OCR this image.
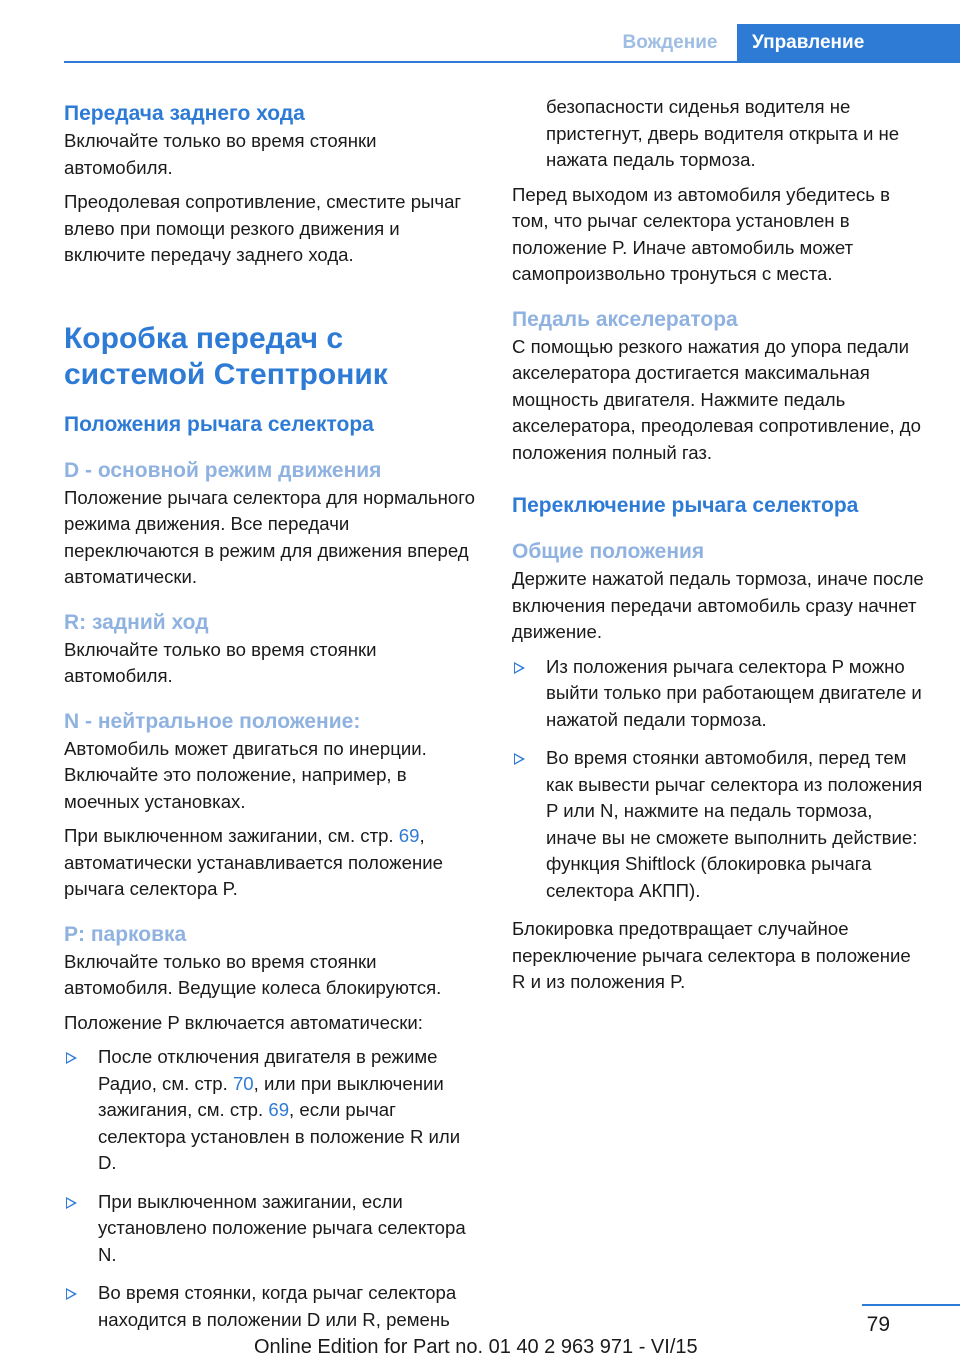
Вождение	Управление
Передача заднего хода

Включайте только во время стоянки автомобиля.

Преодолевая сопротивление, сместите рычаг влево при помощи резкого движения и включите передачу заднего хода.

Коробка передач с системой Стептроник
Положения рычага селектора
D - основной режим движения

Положение рычага селектора для нормального режима движения. Все передачи переключаются в режим для движения вперед автоматически.

R: задний ход

Включайте только во время стоянки автомобиля.

N - нейтральное положение:

Автомобиль может двигаться по инерции. Включайте это положение, например, в моечных установках.

При выключенном зажигании, см. стр. 69, автоматически устанавливается положение рычага селектора P.

P: парковка

Включайте только во время стоянки автомобиля. Ведущие колеса блокируются.

Положение P включается автоматически:

После отключения двигателя в режиме Радио, см. стр. 70, или при выключении зажигания, см. стр. 69, если рычаг селектора установлен в положение R или D.
При выключенном зажигании, если установлено положение рычага селектора N.
Во время стоянки, когда рычаг селектора находится в положении D или R, ремень

безопасности сиденья водителя не пристегнут, дверь водителя открыта и не нажата педаль тормоза.

Перед выходом из автомобиля убедитесь в том, что рычаг селектора установлен в положение P. Иначе автомобиль может самопроизвольно тронуться с места.

Педаль акселератора

С помощью резкого нажатия до упора педали акселератора достигается максимальная мощность двигателя. Нажмите педаль акселератора, преодолевая сопротивление, до положения полный газ.

Переключение рычага селектора
Общие положения

Держите нажатой педаль тормоза, иначе после включения передачи автомобиль сразу начнет движение.

Из положения рычага селектора P можно выйти только при работающем двигателе и нажатой педали тормоза.
Во время стоянки автомобиля, перед тем как вывести рычаг селектора из положения P или N, нажмите на педаль тормоза, иначе вы не сможете выполнить действие: функция Shiftlock (блокировка рычага селектора АКПП).

Блокировка предотвращает случайное переключение рычага селектора в положение R и из положения P.

79
Online Edition for Part no. 01 40 2 963 971 - VI/15
